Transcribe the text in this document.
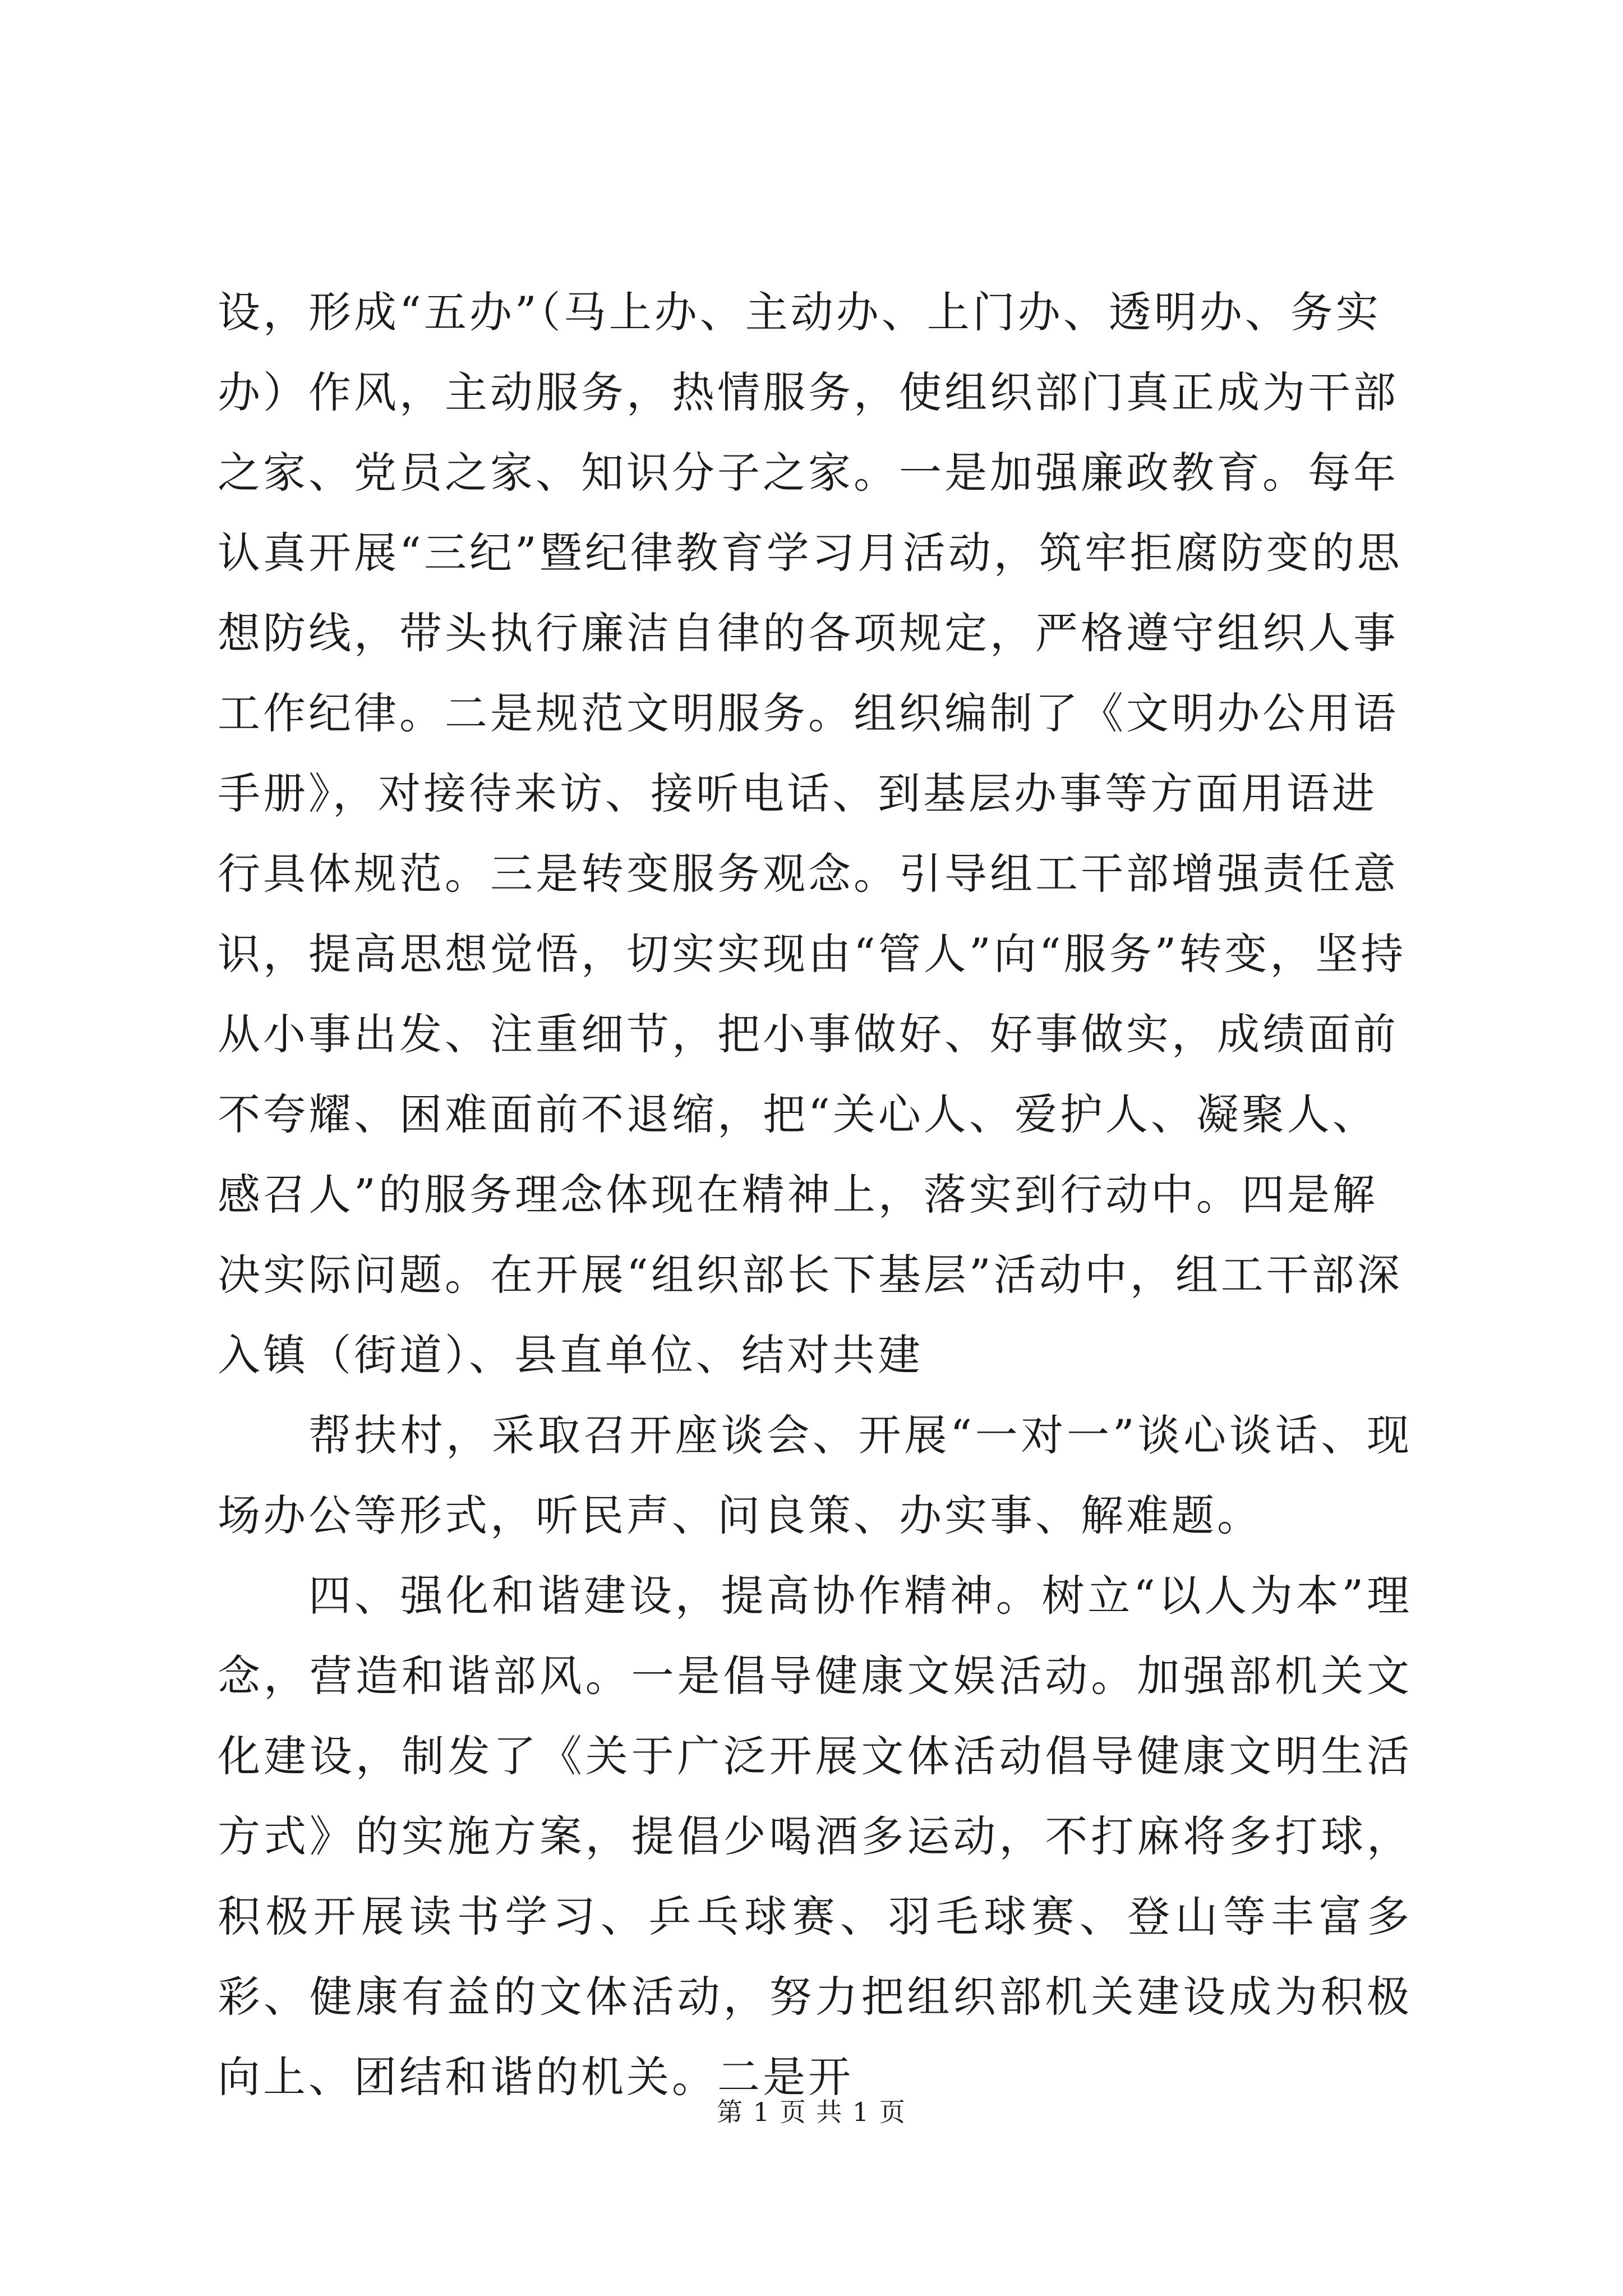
设，形成“五办”（马上办、主动办、上门办、透明办、务实办）作风，主动服务，热情服务，使组织部门真正成为干部之家、党员之家、知识分子之家。一是加强廉政教育。每年认真开展“三纪”暨纪律教育学习月活动，筑牢拒腐防变的思想防线，带头执行廉洁自律的各项规定，严格遵守组织人事工作纪律。二是规范文明服务。组织编制了《文明办公用语手册》，对接待来访、接听电话、到基层办事等方面用语进行具体规范。三是转变服务观念。引导组工干部增强责任意识，提高思想觉悟，切实实现由“管人”向“服务”转变，坚持从小事出发、注重细节，把小事做好、好事做实，成绩面前不夸耀、困难面前不退缩，把“关心人、爱护人、凝聚人、感召人”的服务理念体现在精神上，落实到行动中。四是解决实际问题。在开展“组织部长下基层”活动中，组工干部深入镇（街道）、县直单位、结对共建

帮扶村，采取召开座谈会、开展“一对一”谈心谈话、现场办公等形式，听民声、问良策、办实事、解难题。

四、强化和谐建设，提高协作精神。树立“以人为本”理念，营造和谐部风。一是倡导健康文娱活动。加强部机关文化建设，制发了《关于广泛开展文体活动倡导健康文明生活方式》的实施方案，提倡少喝酒多运动，不打麻将多打球，积极开展读书学习、乒乓球赛、羽毛球赛、登山等丰富多彩、健康有益的文体活动，努力把组织部机关建设成为积极向上、团结和谐的机关。二是开

第 1 页 共 1 页
